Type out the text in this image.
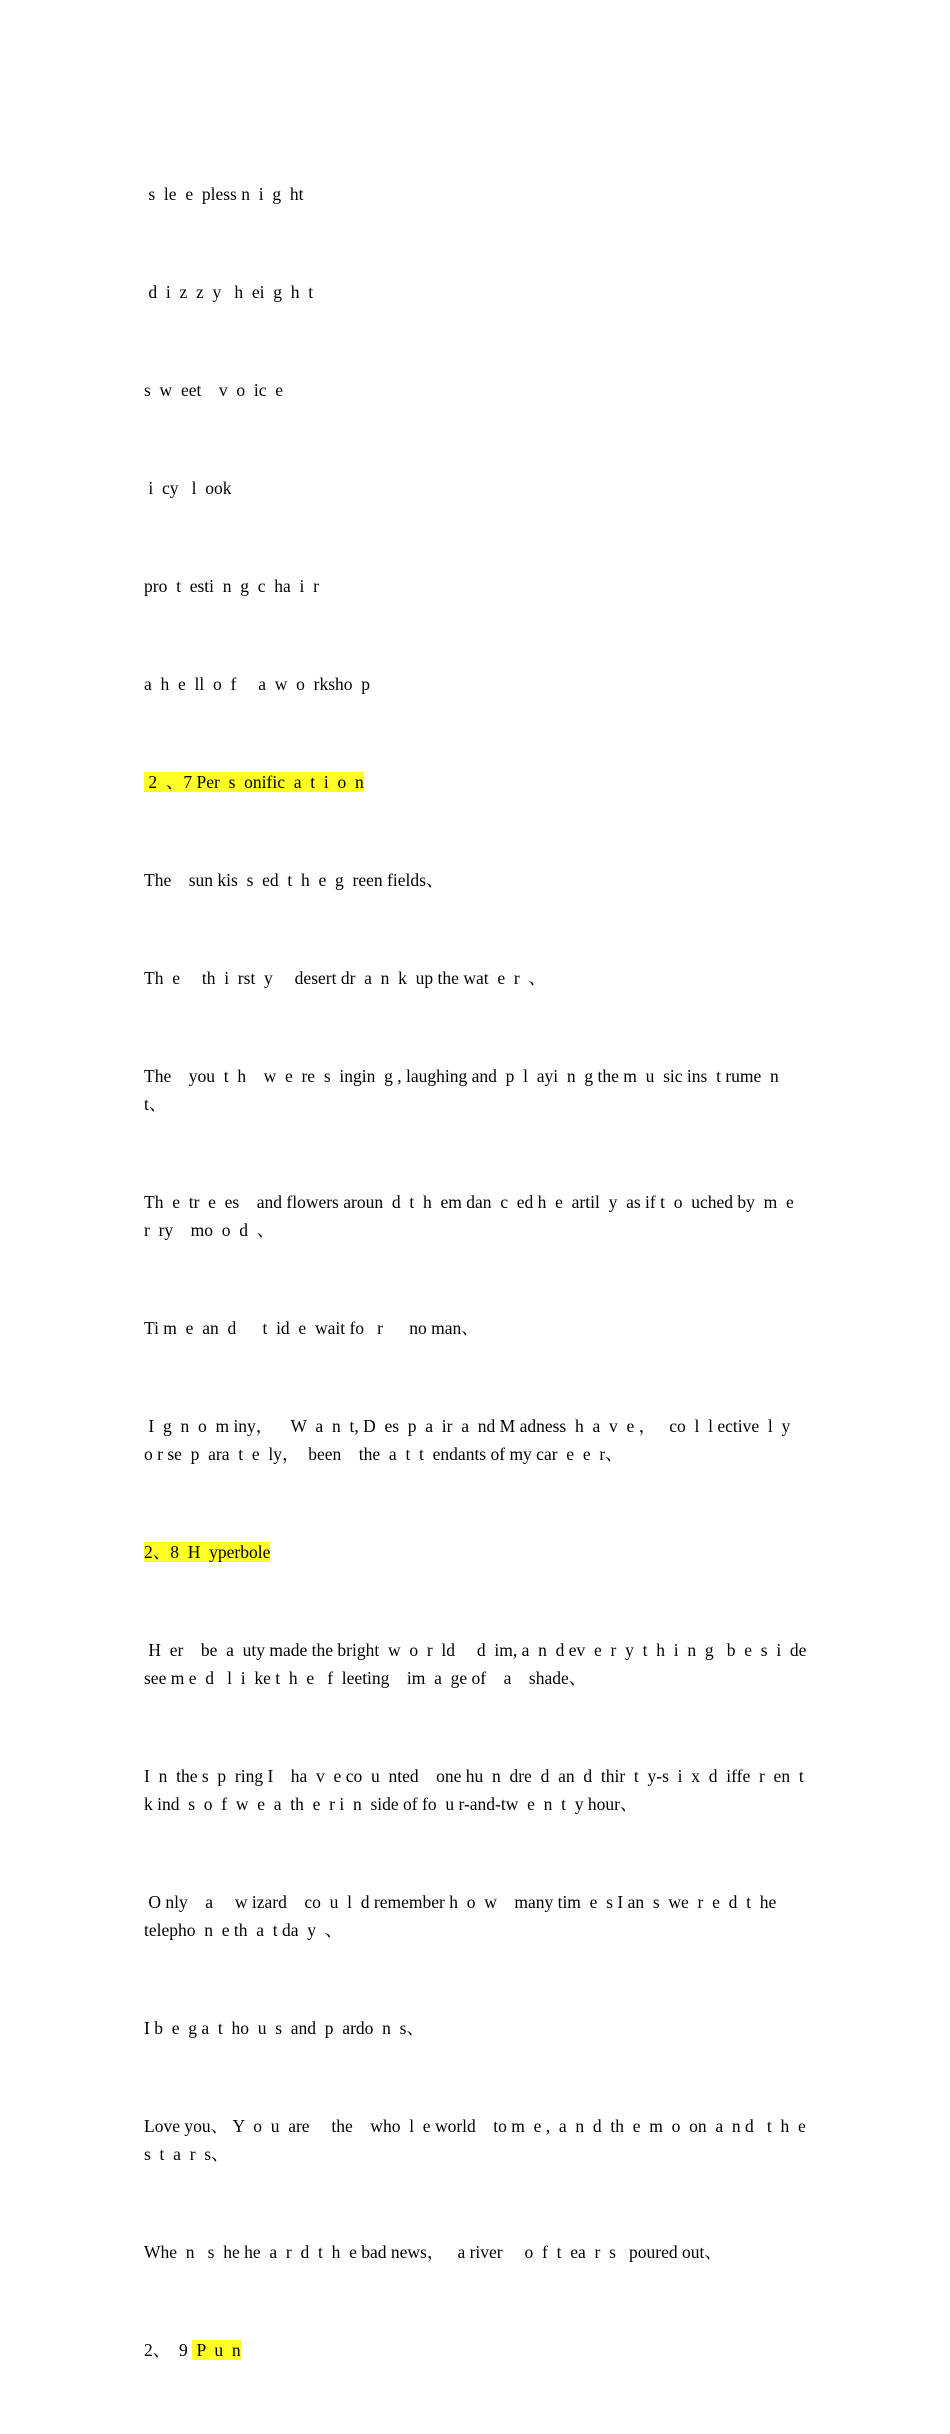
s  le  e  pless n  i  g  ht

d  i  z  z  y   h  ei  g  h  t

s  w  eet    v  o  ic  e

i  cy   l  ook

pro  t  esti  n  g  c  ha  i  r

a  h  e  ll  o  f     a  w  o  rksho  p

2  、7 Per  s  onific  a  t  i  o  n

The    sun kis  s  ed  t  h  e  g  reen fields、

Th  e     th  i  rst  y     desert dr  a  n  k  up the wat  e  r  、

The    you  t  h    w  e  re  s  ingin  g , laughing and  p  l  ayi  n  g the m  u  sic ins  t rume  n  t、

Th  e  tr  e  es    and flowers aroun  d  t  h  em dan  c  ed h  e  artil  y  as if t  o  uched by  m  e  r  ry    mo  o  d  、

Ti m  e  an  d      t  id  e  wait fo   r      no man、

I  g  n  o  m iny，    W  a  n  t, D  es  p  a  ir  a  nd M adness  h  a  v  e ，   co  l  l ective  l  y     o r se  p  ara  t  e  ly，  been    the  a  t  t  endants of my car  e  e  r、

2、8  H  yperbole

H  er    be  a  uty made the bright  w  o  r  ld     d  im, a  n  d ev  e  r  y  t  h  i  n  g   b  e  s  i  de see m e  d   l  i  ke t  h  e   f  leeting    im  a  ge of    a    shade、

I  n  the s  p  ring I    ha  v  e co  u  nted    one hu  n  dre  d  an  d  thir  t  y-s  i  x  d  iffe  r  en  t   k ind  s  o  f  w  e  a  th  e  r i  n  side of fo  u r-and-tw  e  n  t  y hour、

O nly    a     w izard    co  u  l  d remember h  o  w    many tim  e  s I an  s  we  r  e  d  t  he telepho  n  e th  a  t da  y  、

I b  e  g a  t  ho  u  s  and  p  ardo  n  s、

Love you、 Y  o  u  are     the    who  l  e world    to m  e ,  a  n  d  th  e  m  o  on  a  n d   t  h  e s  t  a  r  s、

Whe  n   s  he he  a  r  d  t  h  e bad news，   a river     o  f  t  ea  r  s   poured out、

2、  9  P  u  n
